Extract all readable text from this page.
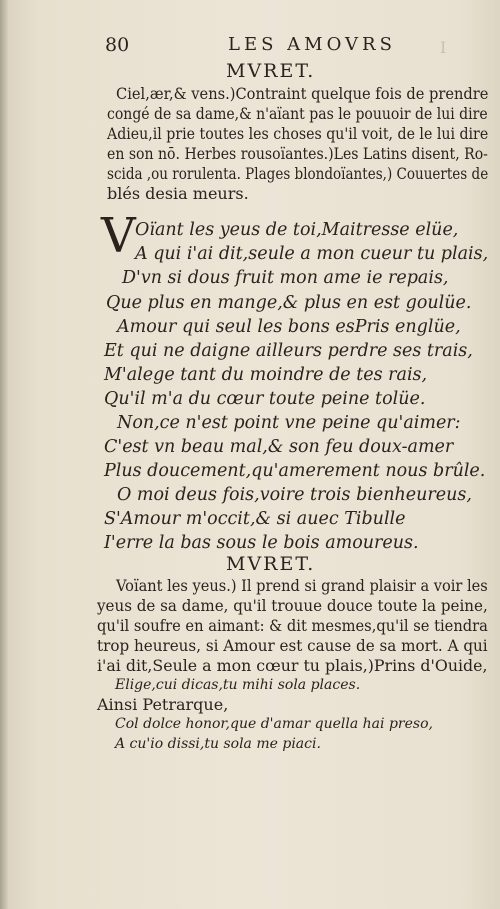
I
80	LES AMOVRS
MVRET.
Ciel,ær,& vens.)Contraint quelque fois de prendre
congé de sa dame,& n'aïant pas le pouuoir de lui dire
Adieu,il prie toutes les choses qu'il voit, de le lui dire
en son nō. Herbes rousoïantes.)Les Latins disent, Ro-
scida ,ou rorulenta. Plages blondoïantes,) Couuertes de
blés desia meurs.
V Oïant les yeus de toi,Maitresse elüe,
A qui i'ai dit,seule a mon cueur tu plais,
D'vn si dous fruit mon ame ie repais,
Que plus en mange,& plus en est goulüe.
Amour qui seul les bons esPris englüe,
Et qui ne daigne ailleurs perdre ses trais,
M'alege tant du moindre de tes rais,
Qu'il m'a du cœur toute peine tolüe.
Non,ce n'est point vne peine qu'aimer:
C'est vn beau mal,& son feu doux-amer
Plus doucement,qu'amerement nous brûle.
O moi deus fois,voire trois bienheureus,
S'Amour m'occit,& si auec Tibulle
I'erre la bas sous le bois amoureus.
MVRET.
Voïant les yeus.) Il prend si grand plaisir a voir les
yeus de sa dame, qu'il trouue douce toute la peine,
qu'il soufre en aimant: & dit mesmes,qu'il se tiendra
trop heureus, si Amour est cause de sa mort. A qui
i'ai dit,Seule a mon cœur tu plais,)Prins d'Ouide,
Elige,cui dicas,tu mihi sola places.
Ainsi Petrarque,
Col dolce honor,que d'amar quella hai preso,
A cu'io dissi,tu sola me piaci.
